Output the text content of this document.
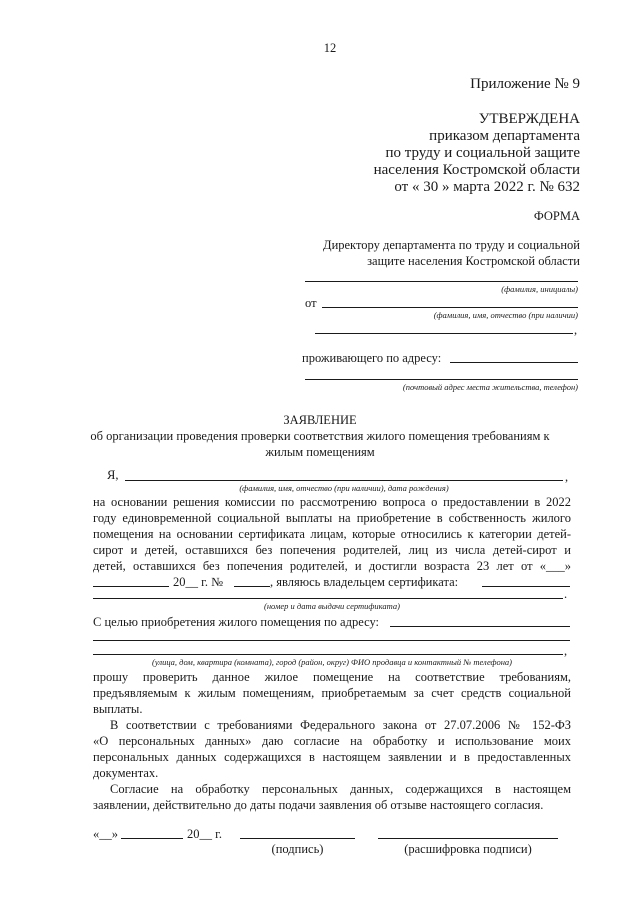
12
Приложение № 9
УТВЕРЖДЕНА
приказом департамента
по труду и социальной защите
населения Костромской области
от « 30 » марта 2022 г. № 632
ФОРМА
Директору департамента по труду и социальной
защите населения Костромской области
(фамилия, инициалы)
от
(фамилия, имя, отчество (при наличии)
,
проживающего по адресу:
(почтовый адрес места жительства, телефон)
ЗАЯВЛЕНИЕ
об организации проведения проверки соответствия жилого помещения требованиям к
жилым помещениям
Я,	,
(фамилия, имя, отчество (при наличии), дата рождения)
на основании решения комиссии по рассмотрению вопроса о предоставлении в 2022
году единовременной социальной выплаты на приобретение в собственность жилого
помещения на основании сертификата лицам, которые относились к категории детей-
сирот и детей, оставшихся без попечения родителей, лиц из числа детей-сирот и
детей, оставшихся без попечения родителей, и достигли возраста 23 лет от «___»
20__ г. №	, являюсь владельцем сертификата:
.
(номер и дата выдачи сертификата)
С целью приобретения жилого помещения по адресу:
,
(улица, дом, квартира (комната), город (район, округ) ФИО продавца и контактный № телефона)
прошу проверить данное жилое помещение на соответствие требованиям,
предъявляемым к жилым помещениям, приобретаемым за счет средств социальной
выплаты.
В соответствии с требованиями Федерального закона от 27.07.2006 № 152-ФЗ
«О персональных данных» даю согласие на обработку и использование моих
персональных данных содержащихся в настоящем заявлении и в предоставленных
документах.
Согласие на обработку персональных данных, содержащихся в настоящем
заявлении, действительно до даты подачи заявления об отзыве настоящего согласия.
«__»	20__ г.
(подпись)	(расшифровка подписи)
